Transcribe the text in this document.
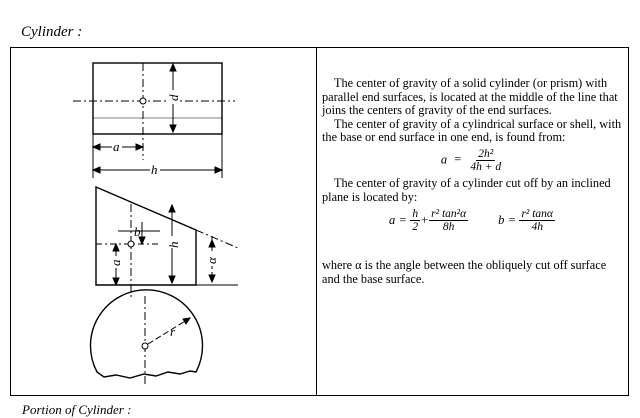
Cylinder :
d
a
h
b
h
a	α
r

The center of gravity of a solid cylinder (or prism) with parallel end surfaces, is located at the middle of the line that joins the centers of gravity of the end surfaces.

The center of gravity of a cylindrical surface or shell, with the base or end surface in one end, is found from:

$a = \frac{\text{2h²}}{4h + d}$

The center of gravity of a cylinder cut off by an inclined plane is located by:

$a = \frac{h}{2} + \frac{\text{r² tan²α}}{8h}$ $b = \frac{\text{r² tanα}}{4h}$

where α is the angle between the obliquely cut off surface and the base surface.

Portion of Cylinder :
